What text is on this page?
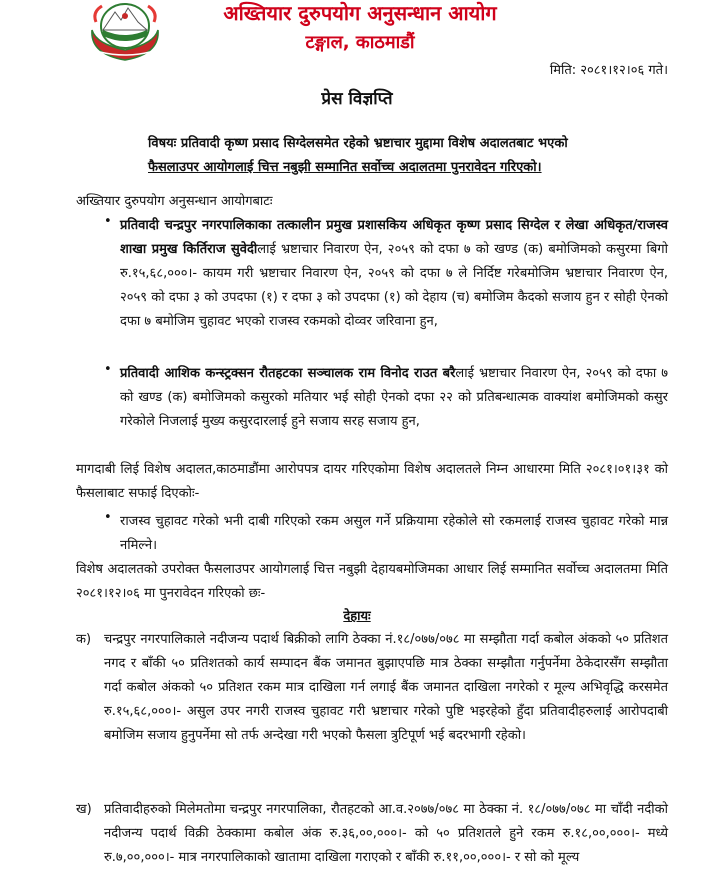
अख्तियार दुरुपयोग अनुसन्धान आयोग
टङ्गाल, काठमाडौं
मिति: २०८१।१२।०६ गते।
प्रेस विज्ञप्ति
विषयः प्रतिवादी कृष्ण प्रसाद सिग्देलसमेत रहेको भ्रष्टाचार मुद्दामा विशेष अदालतबाट भएको
फैसलाउपर आयोगलाई चित्त नबुझी सम्मानित सर्वोच्च अदालतमा पुनरावेदन गरिएको।
अख्तियार दुरुपयोग अनुसन्धान आयोगबाटः
• प्रतिवादी चन्द्रपुर नगरपालिकाका तत्कालीन प्रमुख प्रशासकिय अधिकृत कृष्ण प्रसाद सिग्देल र लेखा अधिकृत/राजस्व शाखा प्रमुख किर्तिराज सुवेदीलाई भ्रष्टाचार निवारण ऐन, २०५९ को दफा ७ को खण्ड (क) बमोजिमको कसुरमा बिगो रु.१५,६८,०००।- कायम गरी भ्रष्टाचार निवारण ऐन, २०५९ को दफा ७ ले निर्दिष्ट गरेबमोजिम भ्रष्टाचार निवारण ऐन, २०५९ को दफा ३ को उपदफा (१) र दफा ३ को उपदफा (१) को देहाय (च) बमोजिम कैदको सजाय हुन र सोही ऐनको दफा ७ बमोजिम चुहावट भएको राजस्व रकमको दोव्वर जरिवाना हुन,
• प्रतिवादी आशिक कन्स्ट्रक्सन रौतहटका सञ्चालक राम विनोद राउत बरैलाई भ्रष्टाचार निवारण ऐन, २०५९ को दफा ७ को खण्ड (क) बमोजिमको कसुरको मतियार भई सोही ऐनको दफा २२ को प्रतिबन्धात्मक वाक्यांश बमोजिमको कसुर गरेकोले निजलाई मुख्य कसुरदारलाई हुने सजाय सरह सजाय हुन,
मागदाबी लिई विशेष अदालत,काठमाडौंमा आरोपपत्र दायर गरिएकोमा विशेष अदालतले निम्न आधारमा मिति २०८१।०१।३१ को फैसलाबाट सफाई दिएकोः-
• राजस्व चुहावट गरेको भनी दाबी गरिएको रकम असुल गर्ने प्रक्रियामा रहेकोले सो रकमलाई राजस्व चुहावट गरेको मान्न नमिल्ने।
विशेष अदालतको उपरोक्त फैसलाउपर आयोगलाई चित्त नबुझी देहायबमोजिमका आधार लिई सम्मानित सर्वोच्च अदालतमा मिति २०८१।१२।०६ मा पुनरावेदन गरिएको छः-
देहायः
क) चन्द्रपुर नगरपालिकाले नदीजन्य पदार्थ बिक्रीको लागि ठेक्का नं.१८/०७७/०७८ मा सम्झौता गर्दा कबोल अंकको ५० प्रतिशत नगद र बाँकी ५० प्रतिशतको कार्य सम्पादन बैंक जमानत बुझाएपछि मात्र ठेक्का सम्झौता गर्नुपर्नेमा ठेकेदारसँग सम्झौता गर्दा कबोल अंकको ५० प्रतिशत रकम मात्र दाखिला गर्न लगाई बैंक जमानत दाखिला नगरेको र मूल्य अभिवृद्धि करसमेत रु.१५,६८,०००।- असुल उपर नगरी राजस्व चुहावट गरी भ्रष्टाचार गरेको पुष्टि भइरहेको हुँदा प्रतिवादीहरुलाई आरोपदाबी बमोजिम सजाय हुनुपर्नेमा सो तर्फ अन्देखा गरी भएको फैसला त्रुटिपूर्ण भई बदरभागी रहेको।
ख) प्रतिवादीहरुको मिलेमतोमा चन्द्रपुर नगरपालिका, रौतहटको आ.व.२०७७/०७८ मा ठेक्का नं. १८/०७७/०७८ मा चाँदी नदीको नदीजन्य पदार्थ विक्री ठेक्कामा कबोल अंक रु.३६,००,०००।- को ५० प्रतिशतले हुने रकम रु.१८,००,०००।- मध्ये रु.७,००,०००।- मात्र नगरपालिकाको खातामा दाखिला गराएको र बाँकी रु.११,००,०००।- र सो को मूल्य
